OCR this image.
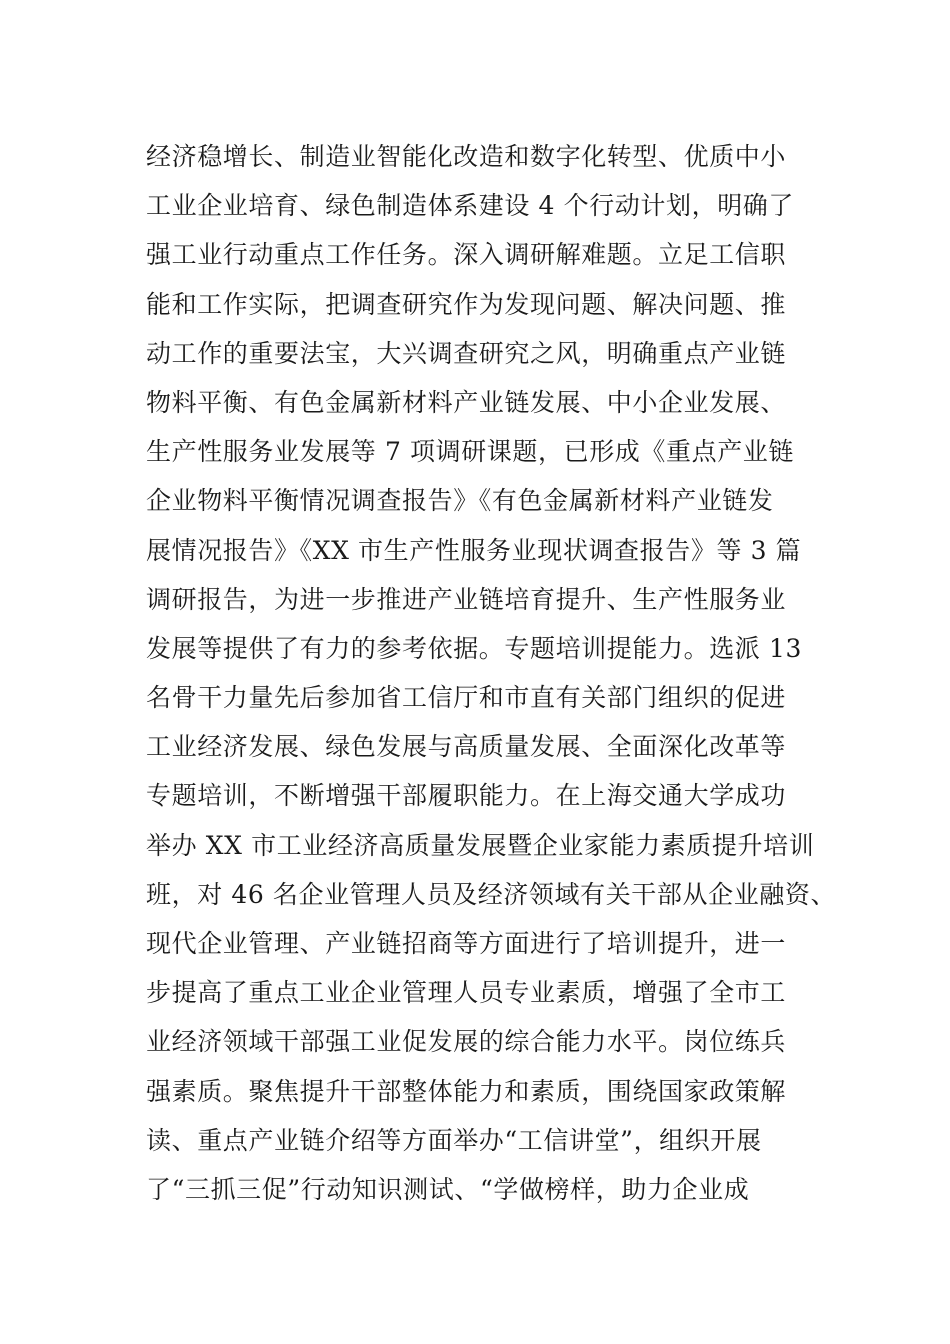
经济稳增长、制造业智能化改造和数字化转型、优质中小
工业企业培育、绿色制造体系建设 4 个行动计划，明确了
强工业行动重点工作任务。深入调研解难题。立足工信职
能和工作实际，把调查研究作为发现问题、解决问题、推
动工作的重要法宝，大兴调查研究之风，明确重点产业链
物料平衡、有色金属新材料产业链发展、中小企业发展、
生产性服务业发展等 7 项调研课题，已形成《重点产业链
企业物料平衡情况调查报告》《有色金属新材料产业链发
展情况报告》《XX 市生产性服务业现状调查报告》等 3 篇
调研报告，为进一步推进产业链培育提升、生产性服务业
发展等提供了有力的参考依据。专题培训提能力。选派 13
名骨干力量先后参加省工信厅和市直有关部门组织的促进
工业经济发展、绿色发展与高质量发展、全面深化改革等
专题培训，不断增强干部履职能力。在上海交通大学成功
举办 XX 市工业经济高质量发展暨企业家能力素质提升培训
班，对 46 名企业管理人员及经济领域有关干部从企业融资、
现代企业管理、产业链招商等方面进行了培训提升，进一
步提高了重点工业企业管理人员专业素质，增强了全市工
业经济领域干部强工业促发展的综合能力水平。岗位练兵
强素质。聚焦提升干部整体能力和素质，围绕国家政策解
读、重点产业链介绍等方面举办“工信讲堂”，组织开展
了“三抓三促”行动知识测试、“学做榜样，助力企业成
